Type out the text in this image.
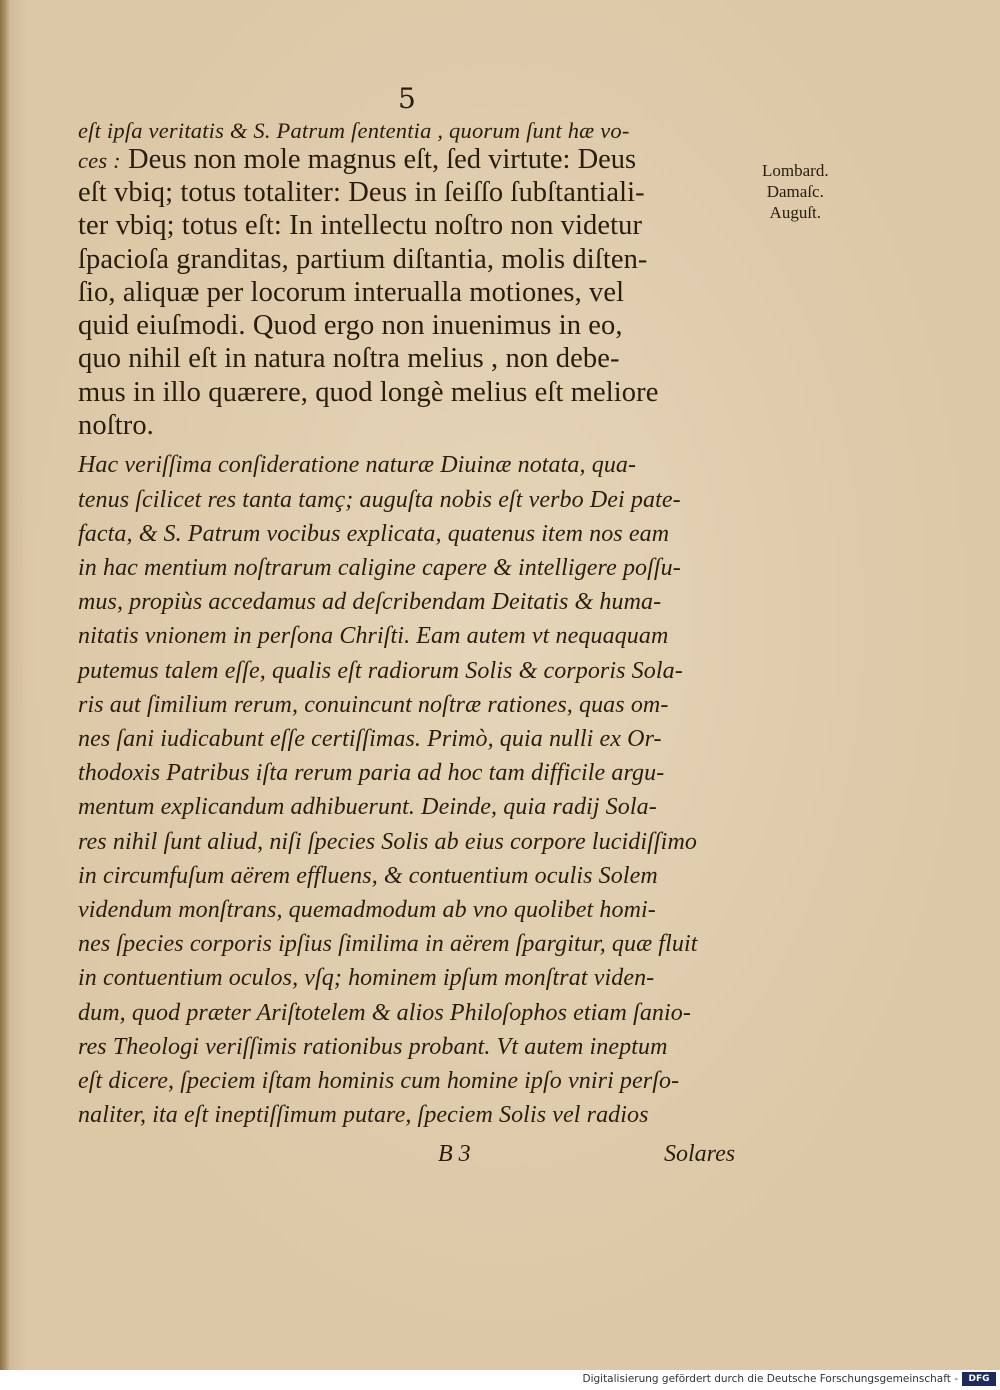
5

eſt ipſa veritatis & S. Patrum ſententia , quorum ſunt hæ vo-

ces : Deus non mole magnus eſt, ſed virtute: Deus

eſt vbiq; totus totaliter: Deus in ſeiſſo ſubſtantiali-

ter vbiq; totus eſt: In intellectu noſtro non videtur

ſpacioſa granditas, partium diſtantia, molis diſten-

ſio, aliquæ per locorum interualla motiones, vel

quid eiuſmodi. Quod ergo non inuenimus in eo,

quo nihil eſt in natura noſtra melius , non debe-

mus in illo quærere, quod longè melius eſt meliore

noſtro.

Hac veriſſima conſideratione naturæ Diuinæ notata, qua-

tenus ſcilicet res tanta tamç; auguſta nobis eſt verbo Dei pate-

facta, & S. Patrum vocibus explicata, quatenus item nos eam

in hac mentium noſtrarum caligine capere & intelligere poſſu-

mus, propiùs accedamus ad deſcribendam Deitatis & huma-

nitatis vnionem in perſona Chriſti. Eam autem vt nequaquam

putemus talem eſſe, qualis eſt radiorum Solis & corporis Sola-

ris aut ſimilium rerum, conuincunt noſtræ rationes, quas om-

nes ſani iudicabunt eſſe certiſſimas. Primò, quia nulli ex Or-

thodoxis Patribus iſta rerum paria ad hoc tam difficile argu-

mentum explicandum adhibuerunt. Deinde, quia radij Sola-

res nihil ſunt aliud, niſi ſpecies Solis ab eius corpore lucidiſſimo

in circumfuſum aërem effluens, & contuentium oculis Solem

videndum monſtrans, quemadmodum ab vno quolibet homi-

nes ſpecies corporis ipſius ſimilima in aërem ſpargitur, quæ fluit

in contuentium oculos, vſq; hominem ipſum monſtrat viden-

dum, quod præter Ariſtotelem & alios Philoſophos etiam ſanio-

res Theologi veriſſimis rationibus probant. Vt autem ineptum

eſt dicere, ſpeciem iſtam hominis cum homine ipſo vniri perſo-

naliter, ita eſt ineptiſſimum putare, ſpeciem Solis vel radios

B 3	Solares
Lombard.
Damaſc.
Auguſt.
Digitalisierung gefördert durch die Deutsche Forschungsgemeinschaft -	DFG
